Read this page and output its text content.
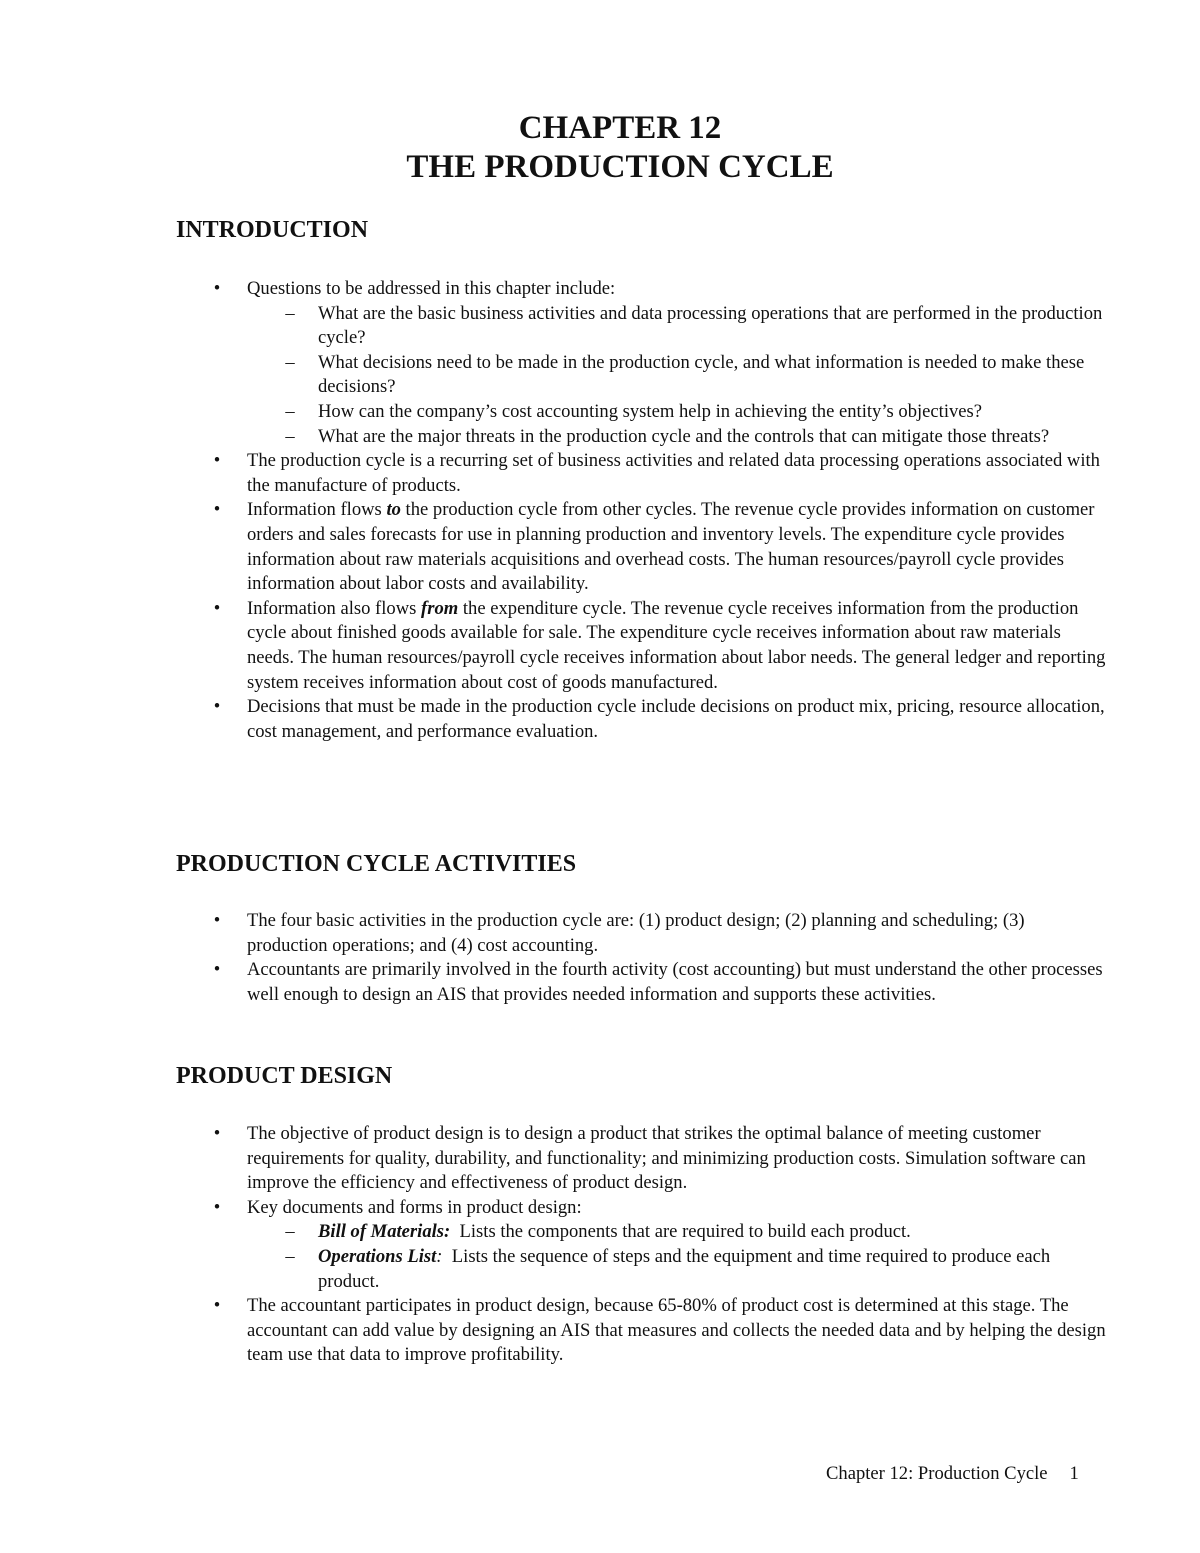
CHAPTER 12
THE PRODUCTION CYCLE
INTRODUCTION
• Questions to be addressed in this chapter include:
– What are the basic business activities and data processing operations that are performed in the production cycle?
– What decisions need to be made in the production cycle, and what information is needed to make these decisions?
– How can the company’s cost accounting system help in achieving the entity’s objectives?
– What are the major threats in the production cycle and the controls that can mitigate those threats?
• The production cycle is a recurring set of business activities and related data processing operations associated with the manufacture of products.
• Information flows to the production cycle from other cycles. The revenue cycle provides information on customer orders and sales forecasts for use in planning production and inventory levels. The expenditure cycle provides information about raw materials acquisitions and overhead costs. The human resources/payroll cycle provides information about labor costs and availability.
• Information also flows from the expenditure cycle. The revenue cycle receives information from the production cycle about finished goods available for sale. The expenditure cycle receives information about raw materials needs. The human resources/payroll cycle receives information about labor needs. The general ledger and reporting system receives information about cost of goods manufactured.
• Decisions that must be made in the production cycle include decisions on product mix, pricing, resource allocation, cost management, and performance evaluation.
PRODUCTION CYCLE ACTIVITIES
• The four basic activities in the production cycle are: (1) product design; (2) planning and scheduling; (3) production operations; and (4) cost accounting.
• Accountants are primarily involved in the fourth activity (cost accounting) but must understand the other processes well enough to design an AIS that provides needed information and supports these activities.
PRODUCT DESIGN
• The objective of product design is to design a product that strikes the optimal balance of meeting customer requirements for quality, durability, and functionality; and minimizing production costs. Simulation software can improve the efficiency and effectiveness of product design.
• Key documents and forms in product design:
– Bill of Materials:  Lists the components that are required to build each product.
– Operations List:  Lists the sequence of steps and the equipment and time required to produce each product.
• The accountant participates in product design, because 65-80% of product cost is determined at this stage. The accountant can add value by designing an AIS that measures and collects the needed data and by helping the design team use that data to improve profitability.
Chapter 12: Production Cycle 1
